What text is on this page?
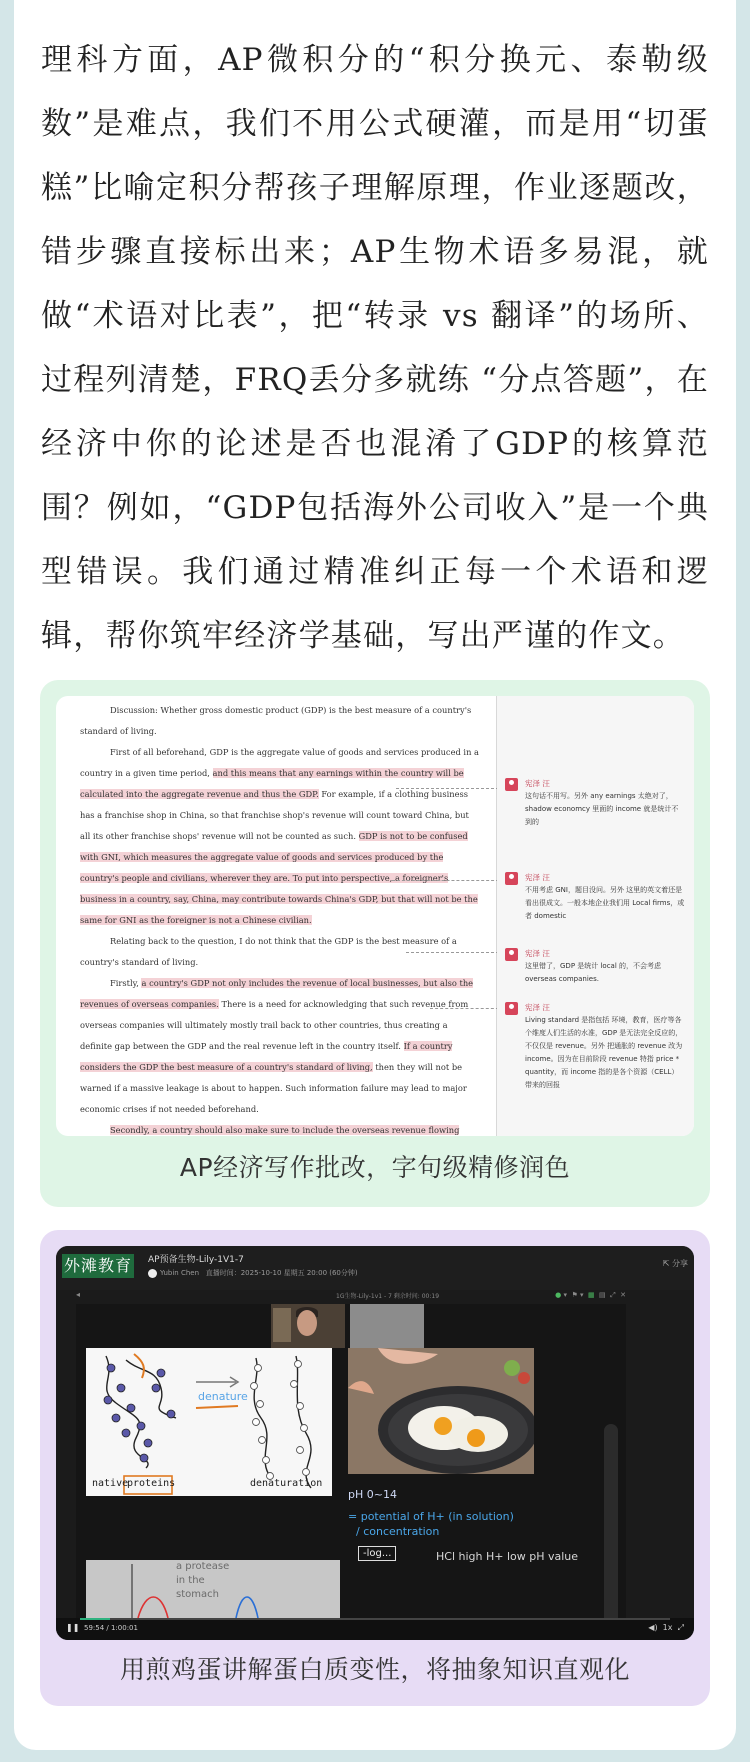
理科方面，AP微积分的“积分换元、泰勒级数”是难点，我们不用公式硬灌，而是用“切蛋糕”比喻定积分帮孩子理解原理，作业逐题改，错步骤直接标出来；AP生物术语多易混，就做“术语对比表”，把“转录 vs 翻译”的场所、过程列清楚，FRQ丢分多就练 “分点答题”，在经济中你的论述是否也混淆了GDP的核算范围？例如，“GDP包括海外公司收入”是一个典型错误。我们通过精准纠正每一个术语和逻辑，帮你筑牢经济学基础，写出严谨的作文。

Discussion: Whether gross domestic product (GDP) is the best measure of a country's standard of living.

First of all beforehand, GDP is the aggregate value of goods and services produced in a country in a given time period, and this means that any earnings within the country will be calculated into the aggregate revenue and thus the GDP. For example, if a clothing business has a franchise shop in China, so that franchise shop's revenue will count toward China, but all its other franchise shops' revenue will not be counted as such. GDP is not to be confused with GNI, which measures the aggregate value of goods and services produced by the country's people and civilians, wherever they are. To put into perspective, a foreigner's business in a country, say, China, may contribute towards China's GDP, but that will not be the same for GNI as the foreigner is not a Chinese civilian.

Relating back to the question, I do not think that the GDP is the best measure of a country's standard of living.

Firstly, a country's GDP not only includes the revenue of local businesses, but also the revenues of overseas companies. There is a need for acknowledging that such revenue from overseas companies will ultimately mostly trail back to other countries, thus creating a definite gap between the GDP and the real revenue left in the country itself. If a country considers the GDP the best measure of a country's standard of living, then they will not be warned if a massive leakage is about to happen. Such information failure may lead to major economic crises if not needed beforehand.

Secondly, a country should also make sure to include the overseas revenue flowing

宪泽 汪
这句话不用写。另外 any earnings 太绝对了，shadow economcy 里面的 income 就是统计不到的
宪泽 汪
不用考虑 GNI，题目没问。另外 这里的英文着还是看出很成文。一般本地企业我们用 Local firms，或者 domestic
宪泽 汪
这里错了，GDP 是统计 local 的，不会考虑 overseas companies.
宪泽 汪
Living standard 是指包括 环境，教育，医疗等各个维度人们生活的水准，GDP 是无法完全反应的，不仅仅是 revenue。另外 把通胀的 revenue 改为 income。因为在目前阶段 revenue 特指 price * quantity，而 income 指的是各个资源（CELL）带来的回报
AP经济写作批改，字句级精修润色
外滩教育 AP预备生物-Lily-1V1-7
Yubin Chen 直播时间：2025-10-10 星期五 20:00 (60分钟)
⇱ 分享
◂	1G生物-Lily-1v1 - 7 剩余时间: 00:19	● ▾  ⚑ ▾  ▦  ▤  ⤢  ✕
denature
native
proteins	denaturation
pH 0~14
= potential of H+ (in solution)
/ concentration
-log...	HCl high H+ low pH value
a protease
in the
stomach
❚❚ 59:54 / 1:00:01	◀) 1x ⤢
用煎鸡蛋讲解蛋白质变性，将抽象知识直观化
